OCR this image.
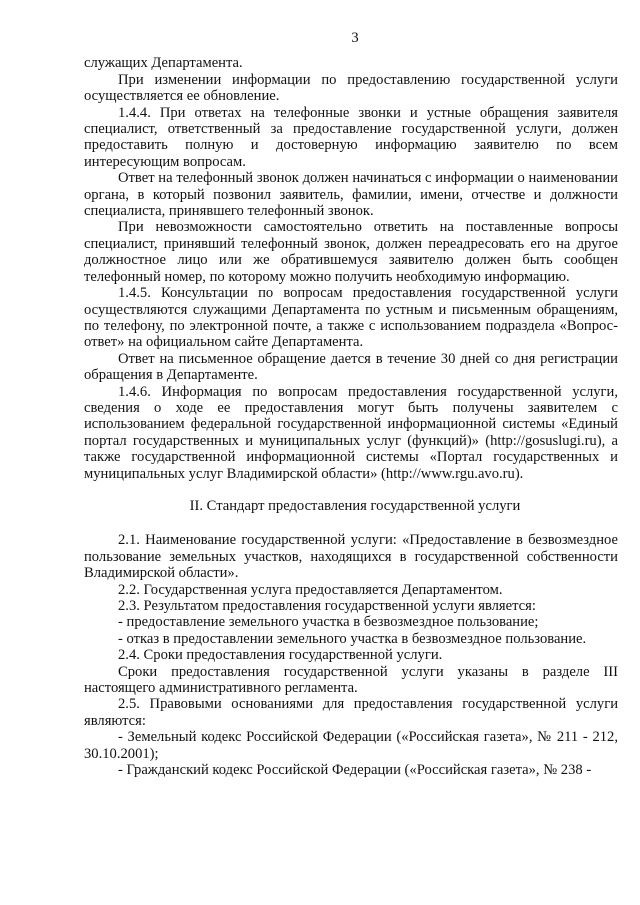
3

служащих Департамента.

При изменении информации по предоставлению государственной услуги осуществляется ее обновление.

1.4.4. При ответах на телефонные звонки и устные обращения заявителя специалист, ответственный за предоставление государственной услуги, должен предоставить полную и достоверную информацию заявителю по всем интересующим вопросам.

Ответ на телефонный звонок должен начинаться с информации о наименовании органа, в который позвонил заявитель, фамилии, имени, отчестве и должности специалиста, принявшего телефонный звонок.

При невозможности самостоятельно ответить на поставленные вопросы специалист, принявший телефонный звонок, должен переадресовать его на другое должностное лицо или же обратившемуся заявителю должен быть сообщен телефонный номер, по которому можно получить необходимую информацию.

1.4.5. Консультации по вопросам предоставления государственной услуги осуществляются служащими Департамента по устным и письменным обращениям, по телефону, по электронной почте, а также с использованием подраздела «Вопрос-ответ» на официальном сайте Департамента.

Ответ на письменное обращение дается в течение 30 дней со дня регистрации обращения в Департаменте.

1.4.6. Информация по вопросам предоставления государственной услуги, сведения о ходе ее предоставления могут быть получены заявителем с использованием федеральной государственной информационной системы «Единый портал государственных и муниципальных услуг (функций)» (http://gosuslugi.ru), а также государственной информационной системы «Портал государственных и муниципальных услуг Владимирской области» (http://www.rgu.avo.ru).

II. Стандарт предоставления государственной услуги

2.1. Наименование государственной услуги: «Предоставление в безвозмездное пользование земельных участков, находящихся в государственной собственности Владимирской области».

2.2. Государственная услуга предоставляется Департаментом.

2.3. Результатом предоставления государственной услуги является:

- предоставление земельного участка в безвозмездное пользование;

- отказ в предоставлении земельного участка в безвозмездное пользование.

2.4. Сроки предоставления государственной услуги.

Сроки предоставления государственной услуги указаны в разделе III настоящего административного регламента.

2.5. Правовыми основаниями для предоставления государственной услуги являются:

- Земельный кодекс Российской Федерации («Российская газета», № 211 - 212, 30.10.2001);

- Гражданский кодекс Российской Федерации («Российская газета», № 238 -
